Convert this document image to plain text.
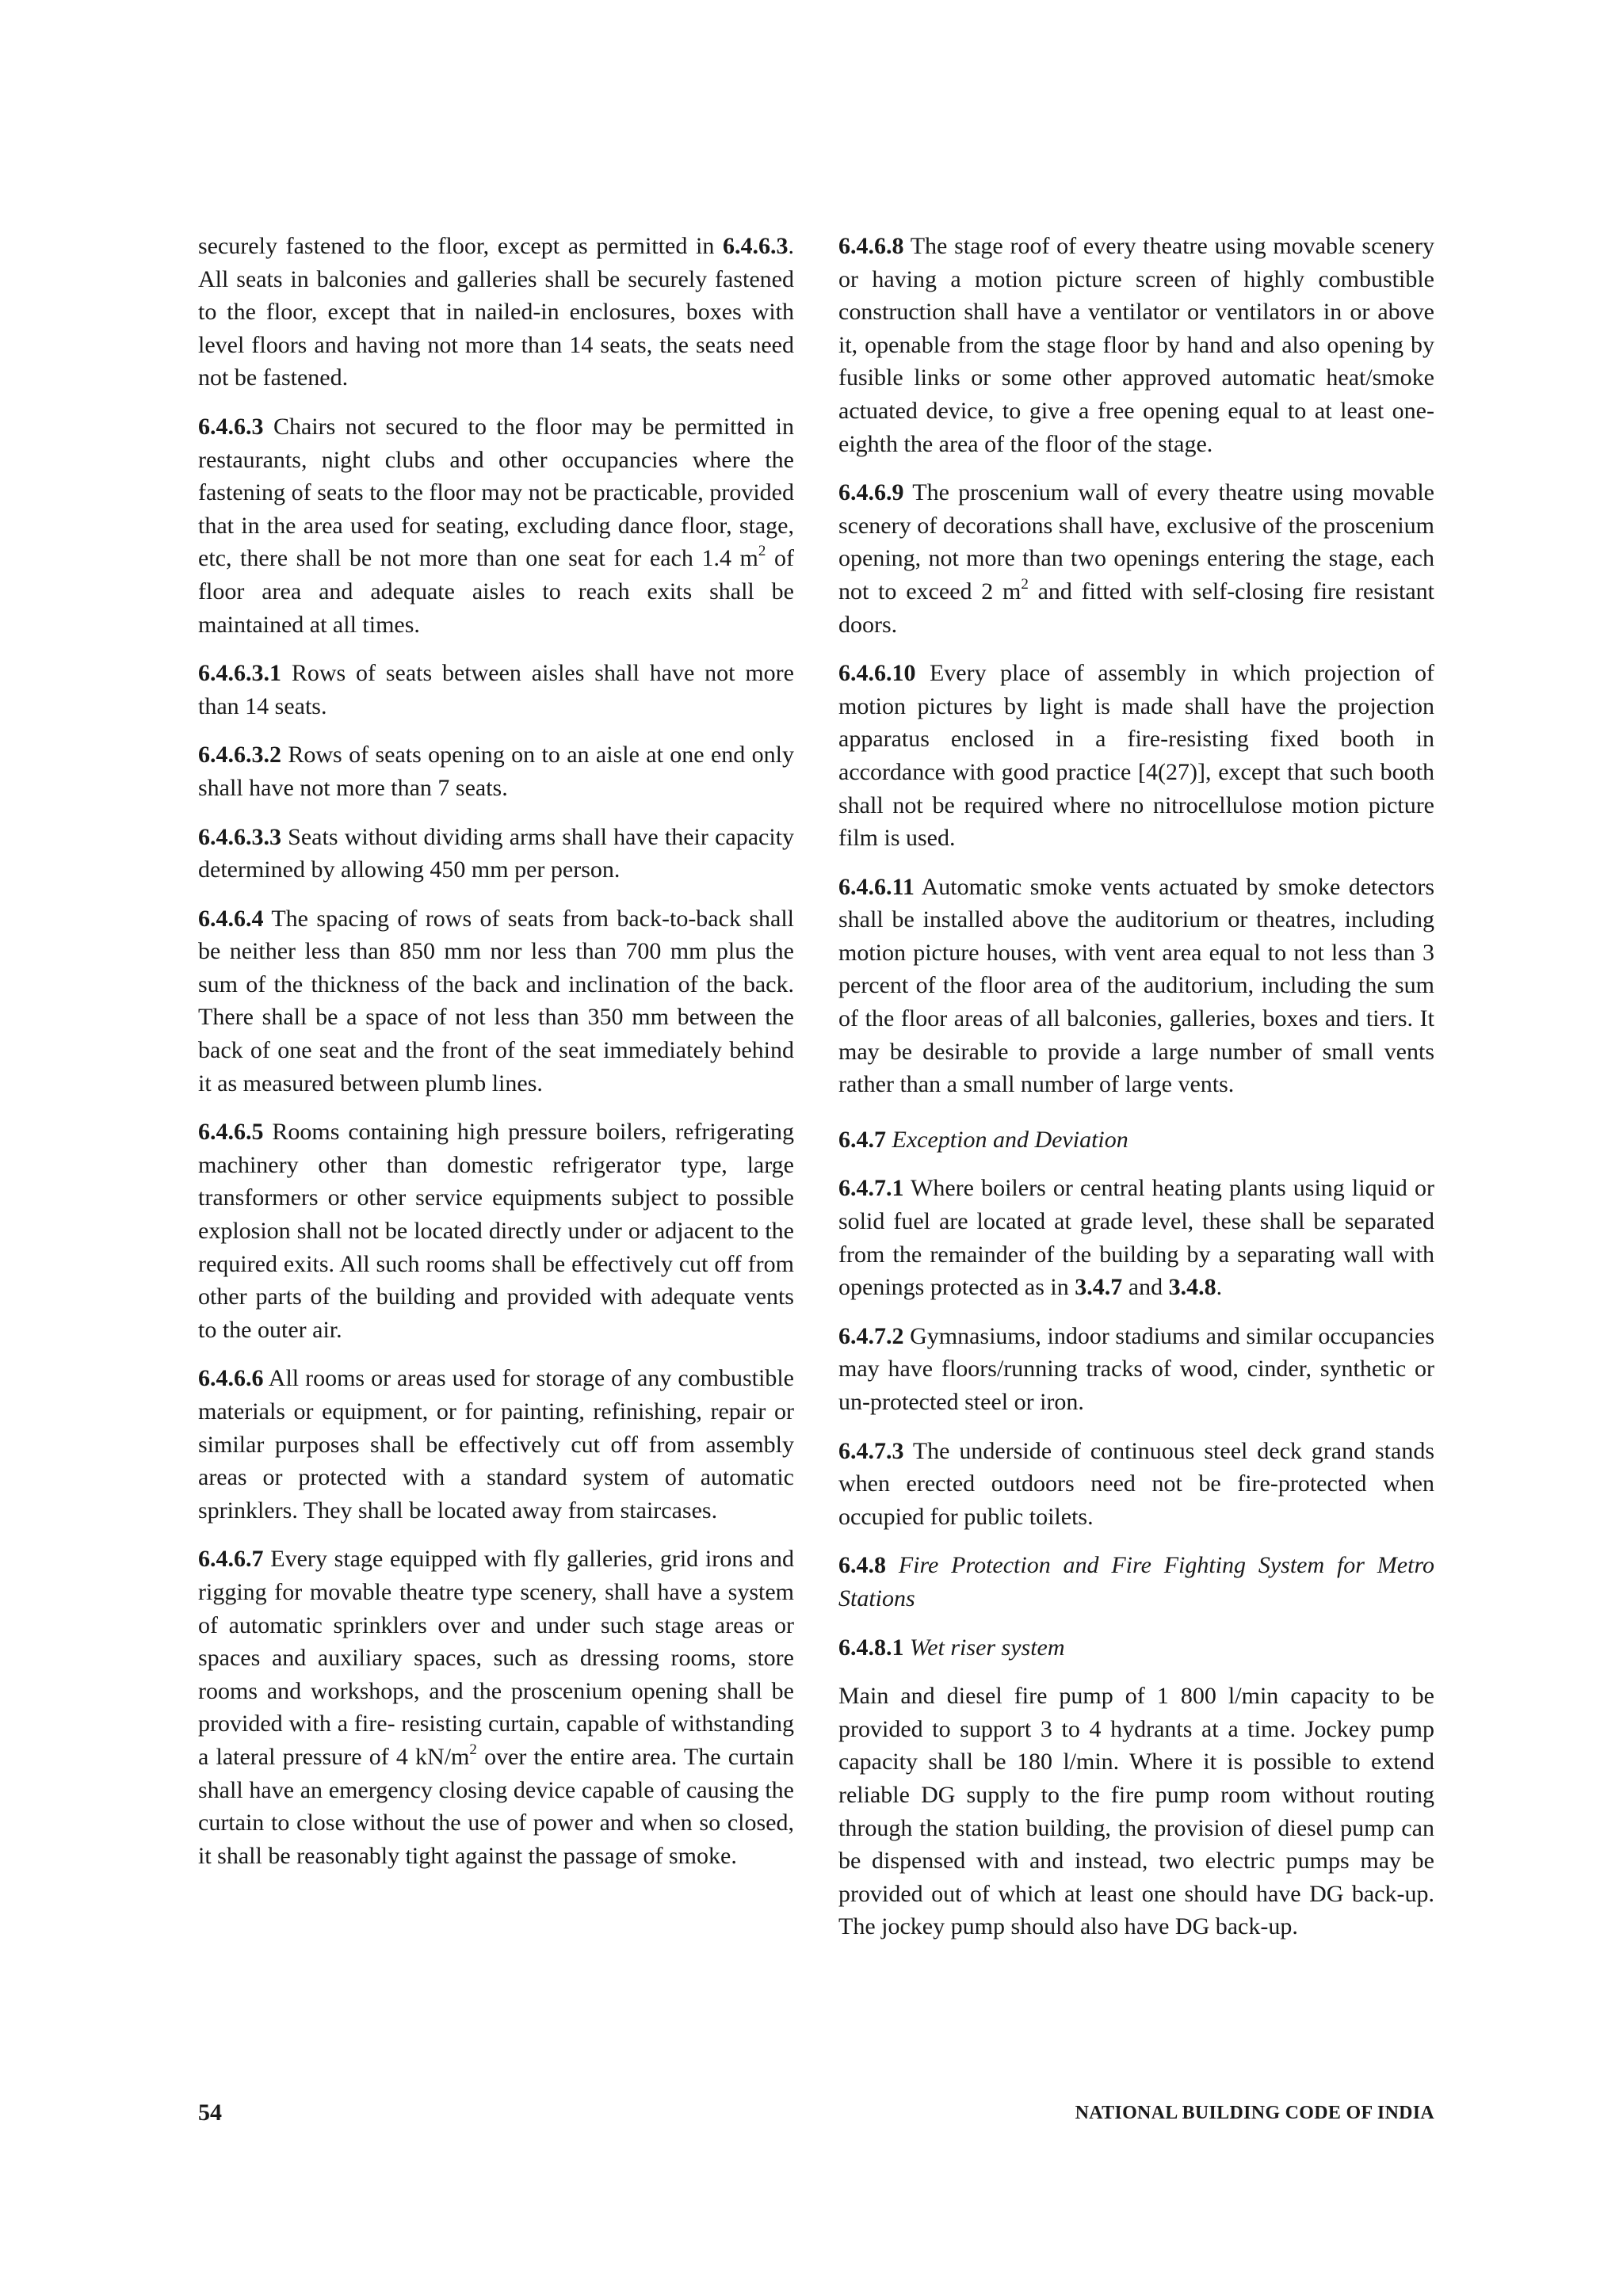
securely fastened to the floor, except as permitted in 6.4.6.3. All seats in balconies and galleries shall be securely fastened to the floor, except that in nailed-in enclosures, boxes with level floors and having not more than 14 seats, the seats need not be fastened.

6.4.6.3 Chairs not secured to the floor may be permitted in restaurants, night clubs and other occupancies where the fastening of seats to the floor may not be practicable, provided that in the area used for seating, excluding dance floor, stage, etc, there shall be not more than one seat for each 1.4 $m^2$ of floor area and adequate aisles to reach exits shall be maintained at all times.

6.4.6.3.1 Rows of seats between aisles shall have not more than 14 seats.

6.4.6.3.2 Rows of seats opening on to an aisle at one end only shall have not more than 7 seats.

6.4.6.3.3 Seats without dividing arms shall have their capacity determined by allowing 450 mm per person.

6.4.6.4 The spacing of rows of seats from back-to-back shall be neither less than 850 mm nor less than 700 mm plus the sum of the thickness of the back and inclination of the back. There shall be a space of not less than 350 mm between the back of one seat and the front of the seat immediately behind it as measured between plumb lines.

6.4.6.5 Rooms containing high pressure boilers, refrigerating machinery other than domestic refrigerator type, large transformers or other service equipments subject to possible explosion shall not be located directly under or adjacent to the required exits. All such rooms shall be effectively cut off from other parts of the building and provided with adequate vents to the outer air.

6.4.6.6 All rooms or areas used for storage of any combustible materials or equipment, or for painting, refinishing, repair or similar purposes shall be effectively cut off from assembly areas or protected with a standard system of automatic sprinklers. They shall be located away from staircases.

6.4.6.7 Every stage equipped with fly galleries, grid irons and rigging for movable theatre type scenery, shall have a system of automatic sprinklers over and under such stage areas or spaces and auxiliary spaces, such as dressing rooms, store rooms and workshops, and the proscenium opening shall be provided with a fire- resisting curtain, capable of withstanding a lateral pressure of 4 $kN/m^2$ over the entire area. The curtain shall have an emergency closing device capable of causing the curtain to close without the use of power and when so closed, it shall be reasonably tight against the passage of smoke.

6.4.6.8 The stage roof of every theatre using movable scenery or having a motion picture screen of highly combustible construction shall have a ventilator or ventilators in or above it, openable from the stage floor by hand and also opening by fusible links or some other approved automatic heat/smoke actuated device, to give a free opening equal to at least one-eighth the area of the floor of the stage.

6.4.6.9 The proscenium wall of every theatre using movable scenery of decorations shall have, exclusive of the proscenium opening, not more than two openings entering the stage, each not to exceed 2 $m^2$ and fitted with self-closing fire resistant doors.

6.4.6.10 Every place of assembly in which projection of motion pictures by light is made shall have the projection apparatus enclosed in a fire-resisting fixed booth in accordance with good practice [4(27)], except that such booth shall not be required where no nitrocellulose motion picture film is used.

6.4.6.11 Automatic smoke vents actuated by smoke detectors shall be installed above the auditorium or theatres, including motion picture houses, with vent area equal to not less than 3 percent of the floor area of the auditorium, including the sum of the floor areas of all balconies, galleries, boxes and tiers. It may be desirable to provide a large number of small vents rather than a small number of large vents.

6.4.7 Exception and Deviation

6.4.7.1 Where boilers or central heating plants using liquid or solid fuel are located at grade level, these shall be separated from the remainder of the building by a separating wall with openings protected as in 3.4.7 and 3.4.8.

6.4.7.2 Gymnasiums, indoor stadiums and similar occupancies may have floors/running tracks of wood, cinder, synthetic or un-protected steel or iron.

6.4.7.3 The underside of continuous steel deck grand stands when erected outdoors need not be fire-protected when occupied for public toilets.

6.4.8 Fire Protection and Fire Fighting System for Metro Stations

6.4.8.1 Wet riser system

Main and diesel fire pump of 1 800 l/min capacity to be provided to support 3 to 4 hydrants at a time. Jockey pump capacity shall be 180 l/min. Where it is possible to extend reliable DG supply to the fire pump room without routing through the station building, the provision of diesel pump can be dispensed with and instead, two electric pumps may be provided out of which at least one should have DG back-up. The jockey pump should also have DG back-up.

54	NATIONAL BUILDING CODE OF INDIA
